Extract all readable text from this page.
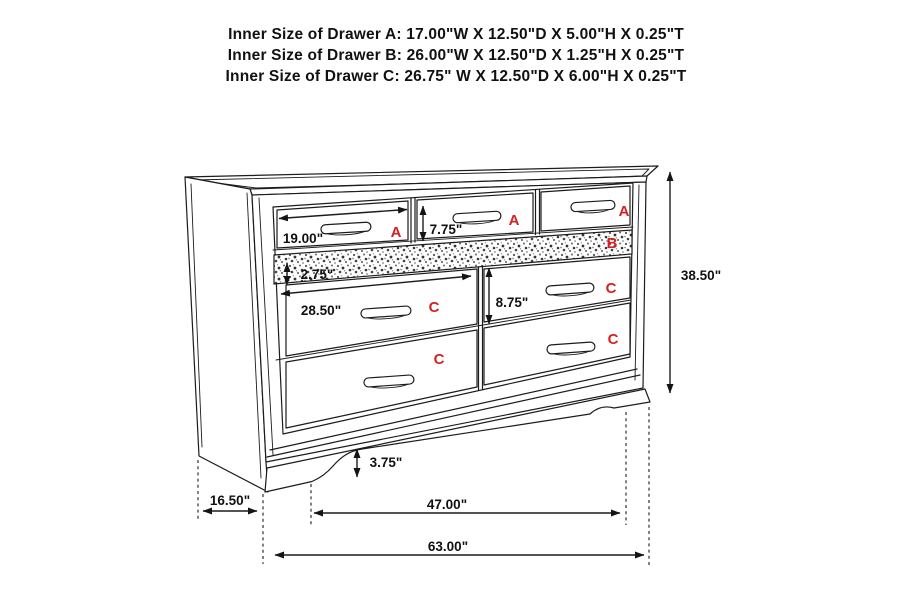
Inner Size of Drawer A: 17.00"W X 12.50"D X 5.00"H X 0.25"T

Inner Size of Drawer B: 26.00"W X 12.50"D X 1.25"H X 0.25"T

Inner Size of Drawer C: 26.75" W X 12.50"D X 6.00"H X 0.25"T

A
A
A
B
C
C
C
C
19.00"
7.75"
2.75"
28.50"
8.75"
38.50"
3.75"
16.50"	47.00"
63.00"
